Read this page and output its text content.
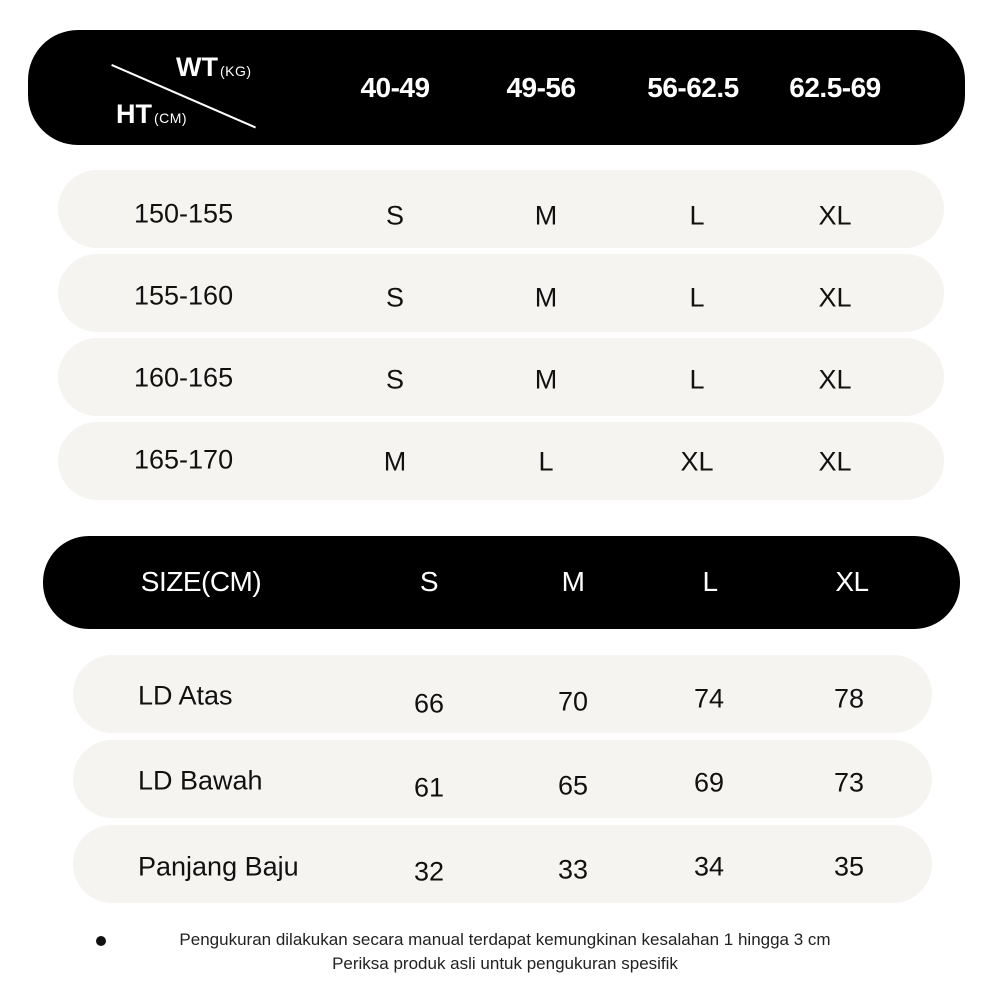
WT (KG)
HT (CM)
40-49	49-56	56-62.5 62.5-69
150-155	S	M	L	XL
155-160	S	M	L	XL
160-165	S	M	L	XL
165-170	M	L	XL	XL
SIZE(CM)	S	M	L	XL
LD Atas	66	70	74	78
LD Bawah	61	65	69	73
Panjang Baju	32	33	34	35
Pengukuran dilakukan secara manual terdapat kemungkinan kesalahan 1 hingga 3 cm
Periksa produk asli untuk pengukuran spesifik
